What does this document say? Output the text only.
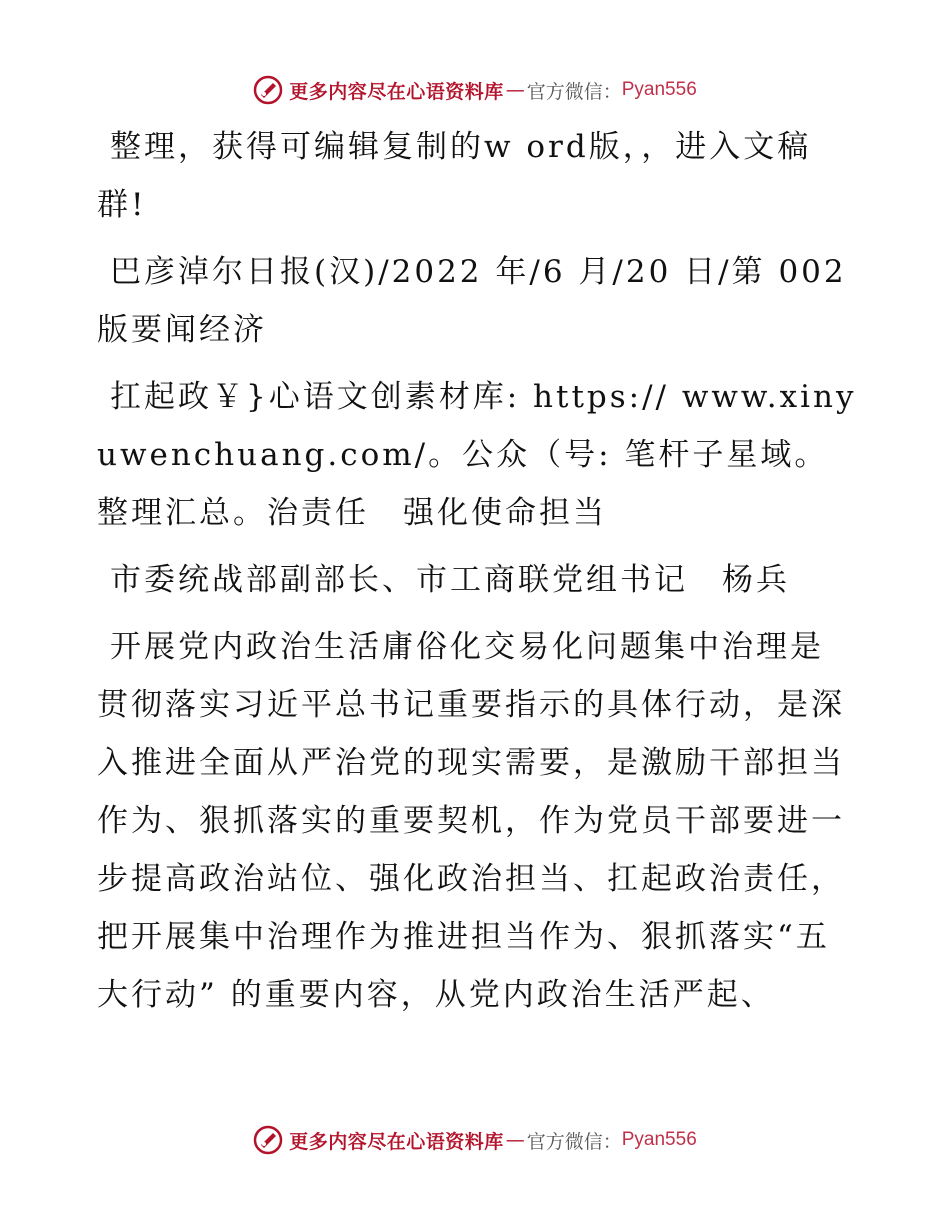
更多内容尽在心语资料库 — 官方微信： Pyan556

整理，获得可编辑复制的w ord版，，进入文稿群!

巴彦淖尔日报(汉)/2022 年/6 月/20 日/第 002 版要闻经济

扛起政￥}心语文创素材库: https:// www.xinyuwenchuang.com/。公众（号: 笔杆子星域。整理汇总。治责任　强化使命担当

市委统战部副部长、市工商联党组书记　杨兵

开展党内政治生活庸俗化交易化问题集中治理是贯彻落实习近平总书记重要指示的具体行动，是深入推进全面从严治党的现实需要，是激励干部担当作为、狠抓落实的重要契机，作为党员干部要进一步提高政治站位、强化政治担当、扛起政治责任，把开展集中治理作为推进担当作为、狠抓落实“五大行动” 的重要内容，从党内政治生活严起、

更多内容尽在心语资料库 — 官方微信： Pyan556
